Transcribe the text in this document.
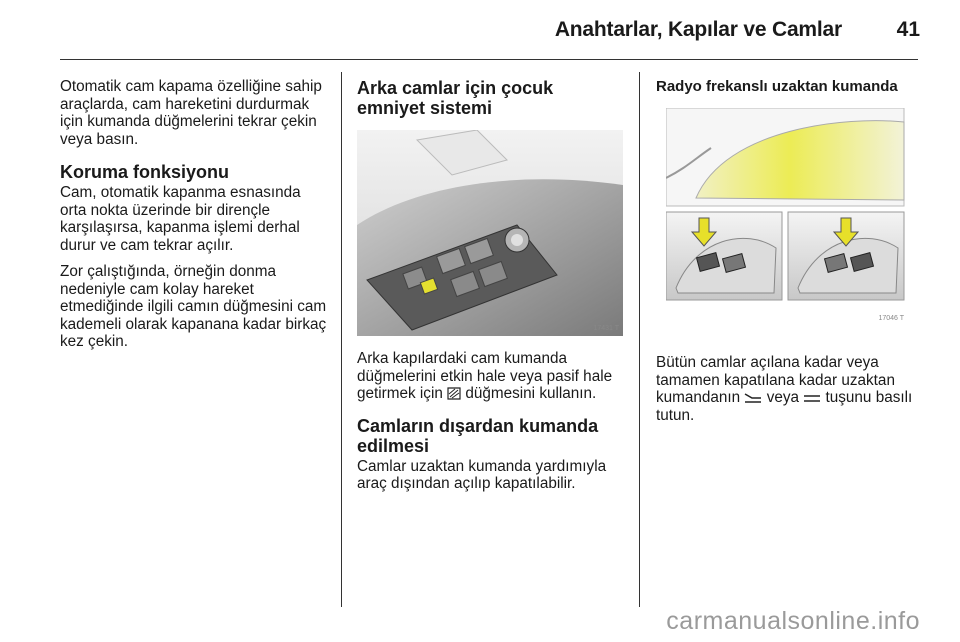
Anahtarlar, Kapılar ve Camlar	41

Otomatik cam kapama özelliğine sahip araçlarda, cam hareketini durdurmak için kumanda düğmelerini tekrar çekin veya basın.

Koruma fonksiyonu

Cam, otomatik kapanma esnasında orta nokta üzerinde bir dirençle karşılaşırsa, kapanma işlemi derhal durur ve cam tekrar açılır.

Zor çalıştığında, örneğin donma nedeniyle cam kolay hareket etmediğinde ilgili camın düğmesini cam kademeli olarak kapanana kadar birkaç kez çekin.

Arka camlar için çocuk emniyet sistemi
17431 T

Arka kapılardaki cam kumanda düğmelerini etkin hale veya pasif hale getirmek için düğmesini kullanın.

Camların dışardan kumanda edilmesi

Camlar uzaktan kumanda yardımıyla araç dışından açılıp kapatılabilir.

Radyo frekanslı uzaktan kumanda
17046 T

Bütün camlar açılana kadar veya tamamen kapatılana kadar uzaktan kumandanın veya tuşunu basılı tutun.

carmanualsonline.info
